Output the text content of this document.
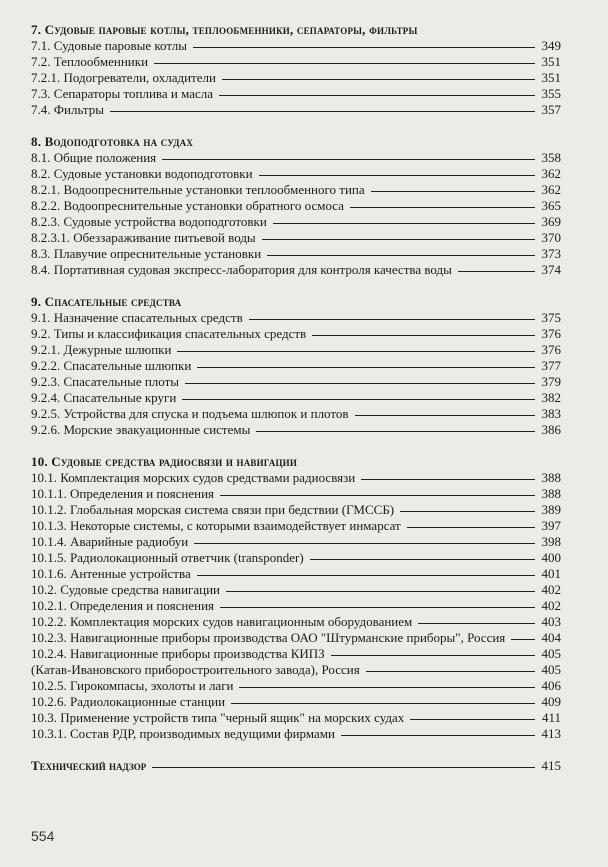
7. Судовые паровые котлы, теплообменники, сепараторы, фильтры
7.1. Судовые паровые котлы	349
7.2. Теплообменники	351
7.2.1. Подогреватели, охладители	351
7.3. Сепараторы топлива и масла	355
7.4. Фильтры	357
8. Водоподготовка на судах
8.1. Общие положения	358
8.2. Судовые установки водоподготовки	362
8.2.1. Водоопреснительные установки теплообменного типа	362
8.2.2. Водоопреснительные установки обратного осмоса	365
8.2.3. Судовые устройства водоподготовки	369
8.2.3.1. Обеззараживание питьевой воды	370
8.3. Плавучие опреснительные установки	373
8.4. Портативная судовая экспресс-лаборатория для контроля качества воды	374
9. Спасательные средства
9.1. Назначение спасательных средств	375
9.2. Типы и классификация спасательных средств	376
9.2.1. Дежурные шлюпки	376
9.2.2. Спасательные шлюпки	377
9.2.3. Спасательные плоты	379
9.2.4. Спасательные круги	382
9.2.5. Устройства для спуска и подъема шлюпок и плотов	383
9.2.6. Морские эвакуационные системы	386
10. Судовые средства радиосвязи и навигации
10.1. Комплектация морских судов средствами радиосвязи	388
10.1.1. Определения и пояснения	388
10.1.2. Глобальная морская система связи при бедствии (ГМССБ)	389
10.1.3. Некоторые системы, с которыми взаимодействует инмарсат	397
10.1.4. Аварийные радиобуи	398
10.1.5. Радиолокационный ответчик (transponder)	400
10.1.6. Антенные устройства	401
10.2. Судовые средства навигации	402
10.2.1. Определения и пояснения	402
10.2.2. Комплектация морских судов навигационным оборудованием	403
10.2.3. Навигационные приборы производства ОАО "Штурманские приборы", Россия	404
10.2.4. Навигационные приборы производства КИПЗ	405
(Катав-Ивановского приборостроительного завода), Россия	405
10.2.5. Гирокомпасы, эхолоты и лаги	406
10.2.6. Радиолокационные станции	409
10.3. Применение устройств типа "черный ящик" на морских судах	411
10.3.1. Состав РДР, производимых ведущими фирмами	413
Технический надзор	415
554
